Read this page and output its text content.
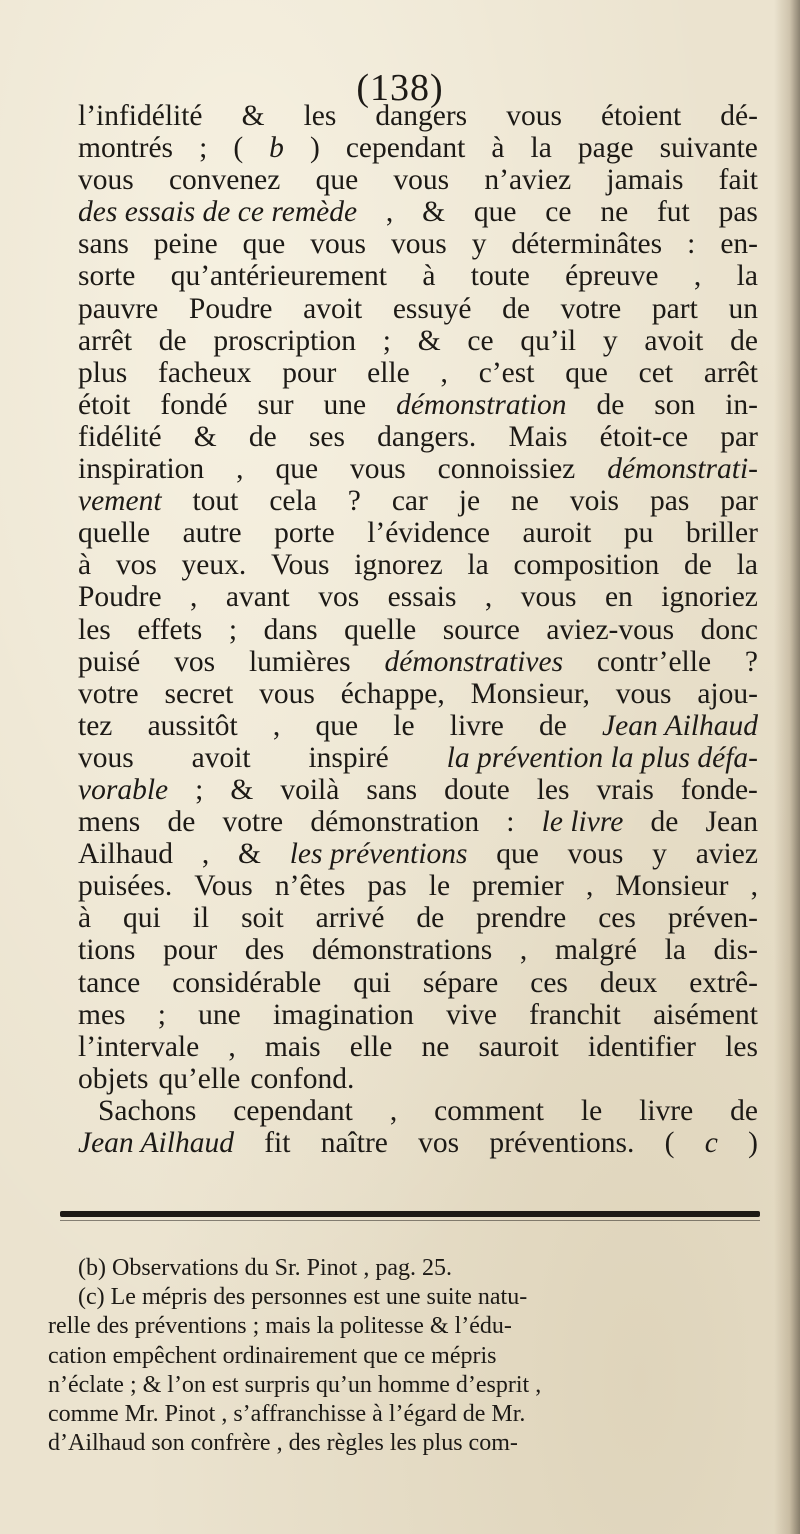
(138)
l’infidélité & les dangers vous étoient dé-
montrés ; ( b ) cependant à la page suivante
vous convenez que vous n’aviez jamais fait
des essais de ce remède , & que ce ne fut pas
sans peine que vous vous y déterminâtes : en-
sorte qu’antérieurement à toute épreuve , la
pauvre Poudre avoit essuyé de votre part un
arrêt de proscription ; & ce qu’il y avoit de
plus facheux pour elle , c’est que cet arrêt
étoit fondé sur une démonstration de son in-
fidélité & de ses dangers. Mais étoit-ce par
inspiration , que vous connoissiez démonstrati-
vement tout cela ? car je ne vois pas par
quelle autre porte l’évidence auroit pu briller
à vos yeux. Vous ignorez la composition de la
Poudre , avant vos essais , vous en ignoriez
les effets ; dans quelle source aviez-vous donc
puisé vos lumières démonstratives contr’elle ?
votre secret vous échappe, Monsieur, vous ajou-
tez aussitôt , que le livre de Jean Ailhaud
vous avoit inspiré la prévention la plus défa-
vorable ; & voilà sans doute les vrais fonde-
mens de votre démonstration : le livre de Jean
Ailhaud , & les préventions que vous y aviez
puisées. Vous n’êtes pas le premier , Monsieur ,
à qui il soit arrivé de prendre ces préven-
tions pour des démonstrations , malgré la dis-
tance considérable qui sépare ces deux extrê-
mes ; une imagination vive franchit aisément
l’intervale , mais elle ne sauroit identifier les
objets qu’elle confond.
Sachons cependant , comment le livre de
Jean Ailhaud fit naître vos préventions. ( c )
(b) Observations du Sr. Pinot , pag. 25.
(c) Le mépris des personnes est une suite natu-
relle des préventions ; mais la politesse & l’édu-
cation empêchent ordinairement que ce mépris
n’éclate ; & l’on est surpris qu’un homme d’esprit ,
comme Mr. Pinot , s’affranchisse à l’égard de Mr.
d’Ailhaud son confrère , des règles les plus com-
